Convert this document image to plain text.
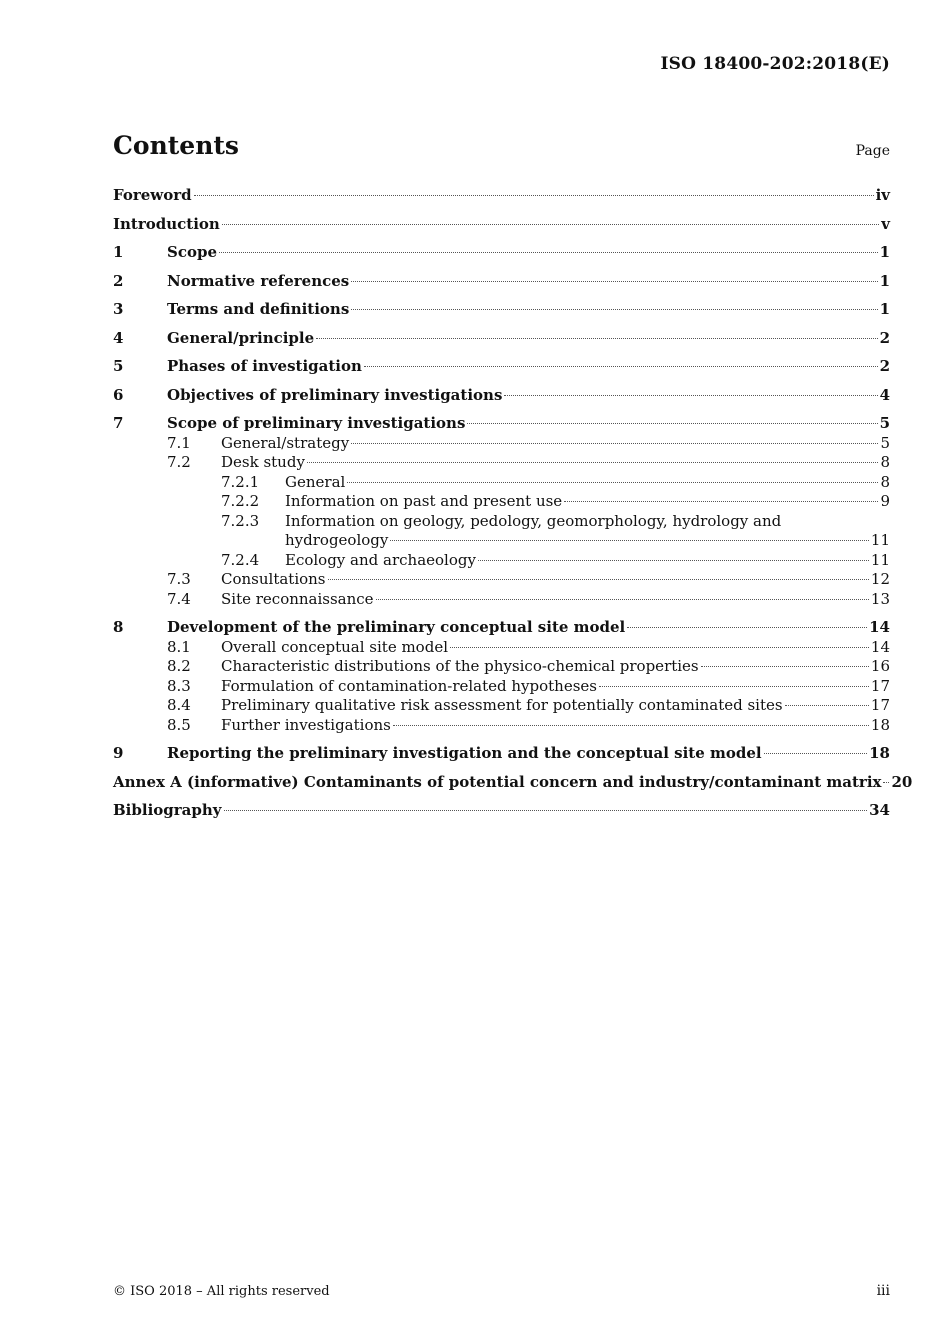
ISO 18400-202:2018(E)
Contents	Page
Foreword	iv
Introduction	v
1	Scope	1
2	Normative references	1
3	Terms and definitions	1
4	General/principle	2
5	Phases of investigation	2
6	Objectives of preliminary investigations	4
7	Scope of preliminary investigations	5
7.1	General/strategy	5
7.2	Desk study	8
7.2.1	General	8
7.2.2	Information on past and present use	9
7.2.3	Information on geology, pedology, geomorphology, hydrology and
hydrogeology	11
7.2.4	Ecology and archaeology	11
7.3	Consultations	12
7.4	Site reconnaissance	13
8	Development of the preliminary conceptual site model	14
8.1	Overall conceptual site model	14
8.2	Characteristic distributions of the physico-chemical properties	16
8.3	Formulation of contamination-related hypotheses	17
8.4	Preliminary qualitative risk assessment for potentially contaminated sites	17
8.5	Further investigations	18
9	Reporting the preliminary investigation and the conceptual site model	18
Annex A (informative) Contaminants of potential concern and industry/contaminant matrix 20
Bibliography	34
© ISO 2018 – All rights reserved	iii
